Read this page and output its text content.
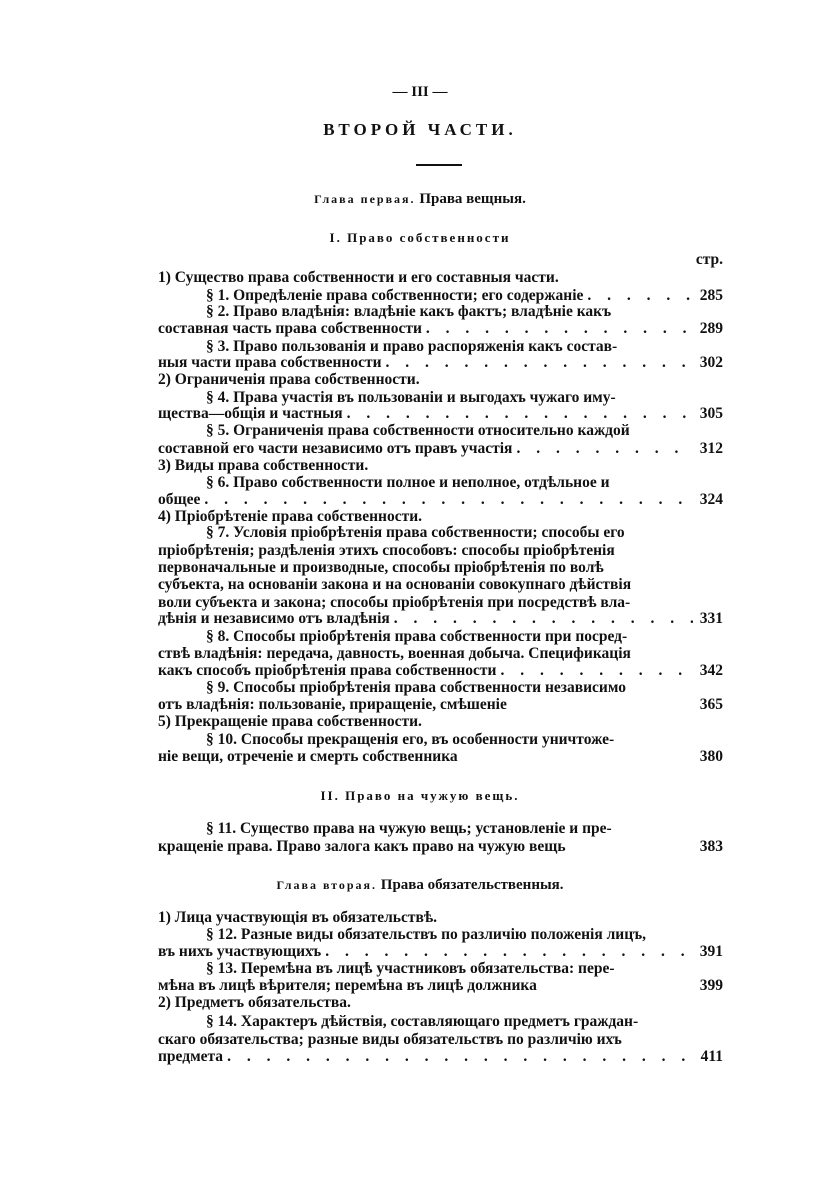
— III —
ВТОРОЙ ЧАСТИ.
Глава первая. Права вещныя.
I. Право собственности
стр.
1) Существо права собственности и его составныя части.
§ 1. Опредѣленіе права собственности; его содержаніе . . .	285
§ 2. Право владѣнія: владѣніе какъ фактъ; владѣніе какъ
составная часть права собственности . . .	289
§ 3. Право пользованія и право распоряженія какъ состав-
ныя части права собственности . . .	302
2) Ограниченія права собственности.
§ 4. Права участія въ пользованіи и выгодахъ чужаго иму-
щества—общія и частныя . . .	305
§ 5. Ограниченія права собственности относительно каждой
составной его части независимо отъ правъ участія . . .	312
3) Виды права собственности.
§ 6. Право собственности полное и неполное, отдѣльное и
общее . . .	324
4) Пріобрѣтеніе права собственности.
§ 7. Условія пріобрѣтенія права собственности; способы его
пріобрѣтенія; раздѣленія этихъ способовъ: способы пріобрѣтенія
первоначальные и производные, способы пріобрѣтенія по волѣ
субъекта, на основаніи закона и на основаніи совокупнаго дѣйствія
воли субъекта и закона; способы пріобрѣтенія при посредствѣ вла-
дѣнія и независимо отъ владѣнія . . .	331
§ 8. Способы пріобрѣтенія права собственности при посред-
ствѣ владѣнія: передача, давность, военная добыча. Спецификація
какъ способъ пріобрѣтенія права собственности . . .	342
§ 9. Способы пріобрѣтенія права собственности независимо
отъ владѣнія: пользованіе, приращеніе, смѣшеніе	365
5) Прекращеніе права собственности.
§ 10. Способы прекращенія его, въ особенности уничтоже-
ніе вещи, отреченіе и смерть собственника	380
II. Право на чужую вещь.
§ 11. Существо права на чужую вещь; установленіе и пре-
кращеніе права. Право залога какъ право на чужую вещь	383
Глава вторая. Права обязательственныя.
1) Лица участвующія въ обязательствѣ.
§ 12. Разные виды обязательствъ по различію положенія лицъ,
въ нихъ участвующихъ . . .	391
§ 13. Перемѣна въ лицѣ участниковъ обязательства: пере-
мѣна въ лицѣ вѣрителя; перемѣна въ лицѣ должника	399
2) Предметъ обязательства.
§ 14. Характеръ дѣйствія, составляющаго предметъ граждан-
скаго обязательства; разные виды обязательствъ по различію ихъ
предмета . . .	411
